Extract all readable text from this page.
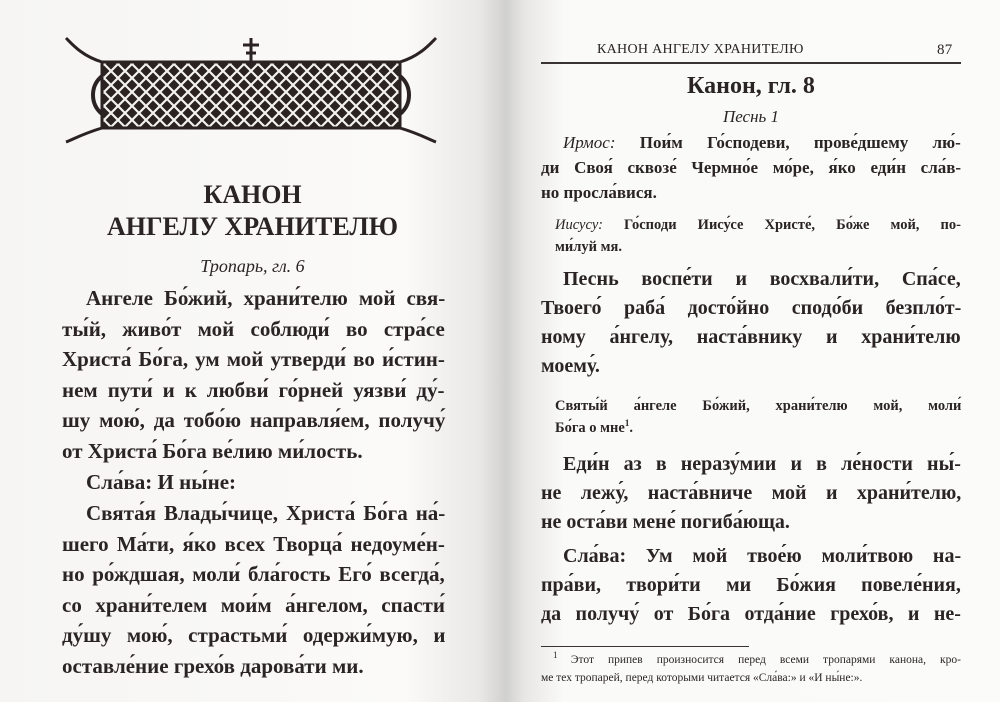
КАНОН
АНГЕЛУ ХРАНИТЕЛЮ
Тропарь, гл. 6
Ангеле Бо́жий, храни́телю мой свя-
ты́й, живо́т мой соблюди́ во стра́се
Христа́ Бо́га, ум мой утверди́ во и́стин-
нем пути́ и к любви́ го́рней уязви́ ду́-
шу мою́, да тобо́ю направля́ем, получу́
от Христа́ Бо́га ве́лию ми́лость.
Сла́ва: И ны́не:
Свята́я Влады́чице, Христа́ Бо́га на́-
шего Ма́ти, я́ко всех Творца́ недоуме́н-
но ро́ждшая, моли́ бла́гость Его́ всегда́,
со храни́телем мои́м а́нгелом, спасти́
ду́шу мою́, страстьми́ одержи́мую, и
оставле́ние грехо́в дарова́ти ми.
КАНОН АНГЕЛУ ХРАНИТЕЛЮ	87
Канон, гл. 8
Песнь 1
Ирмос: Пои́м Го́сподеви, прове́дшему лю́-
ди Своя́ сквозе́ Чермно́е мо́ре, я́ко еди́н сла́в-
но просла́вися.
Иисусу: Го́споди Иису́се Христе́, Бо́же мой, по-
ми́луй мя.
Песнь воспе́ти и восхвали́ти, Спа́се,
Твоего́ раба́ досто́йно сподо́би безпло́т-
ному а́нгелу, наста́внику и храни́телю
моему́.
Святы́й а́нгеле Бо́жий, храни́телю мой, моли́
Бо́га о мне$^1$.
Еди́н аз в неразу́мии и в ле́ности ны́-
не лежу́, наста́вниче мой и храни́телю,
не оста́ви мене́ погиба́юща.
Сла́ва: Ум мой твое́ю моли́твою на-
пра́ви, твори́ти ми Бо́жия повеле́ния,
да получу́ от Бо́га отда́ние грехо́в, и не-
$^1$ Этот припев произносится перед всеми тропарями канона, кро-
ме тех тропарей, перед которыми читается «Сла́ва:» и «И ны́не:».
